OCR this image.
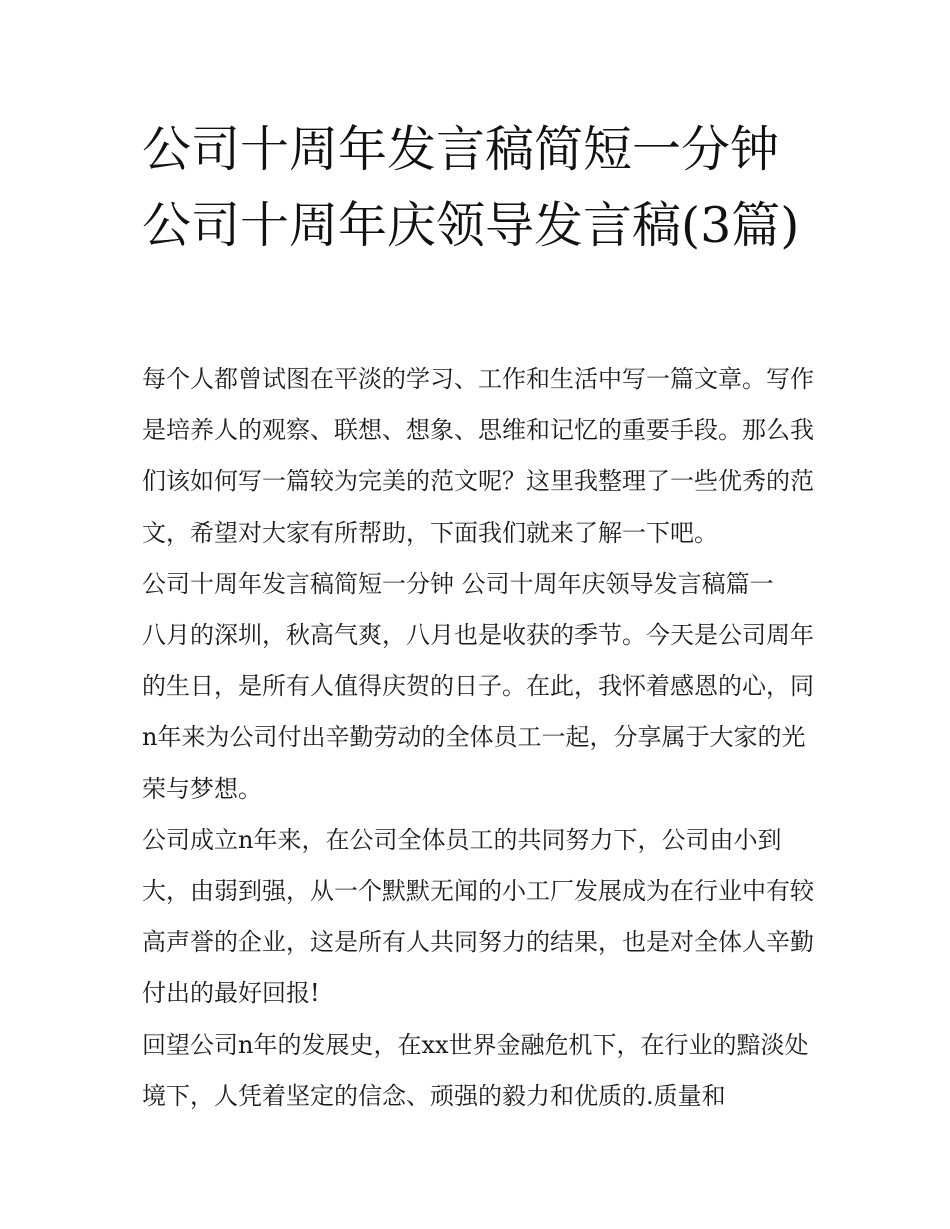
公司十周年发言稿简短一分钟公司十周年庆领导发言稿(3篇)

每个人都曾试图在平淡的学习、工作和生活中写一篇文章。写作是培养人的观察、联想、想象、思维和记忆的重要手段。那么我们该如何写一篇较为完美的范文呢？这里我整理了一些优秀的范文，希望对大家有所帮助，下面我们就来了解一下吧。

公司十周年发言稿简短一分钟 公司十周年庆领导发言稿篇一

八月的深圳，秋高气爽，八月也是收获的季节。今天是公司周年的生日，是所有人值得庆贺的日子。在此，我怀着感恩的心，同n年来为公司付出辛勤劳动的全体员工一起，分享属于大家的光荣与梦想。

公司成立n年来，在公司全体员工的共同努力下，公司由小到大，由弱到强，从一个默默无闻的小工厂发展成为在行业中有较高声誉的企业，这是所有人共同努力的结果，也是对全体人辛勤付出的最好回报!

回望公司n年的发展史，在xx世界金融危机下，在行业的黯淡处境下，人凭着坚定的信念、顽强的毅力和优质的.质量和
